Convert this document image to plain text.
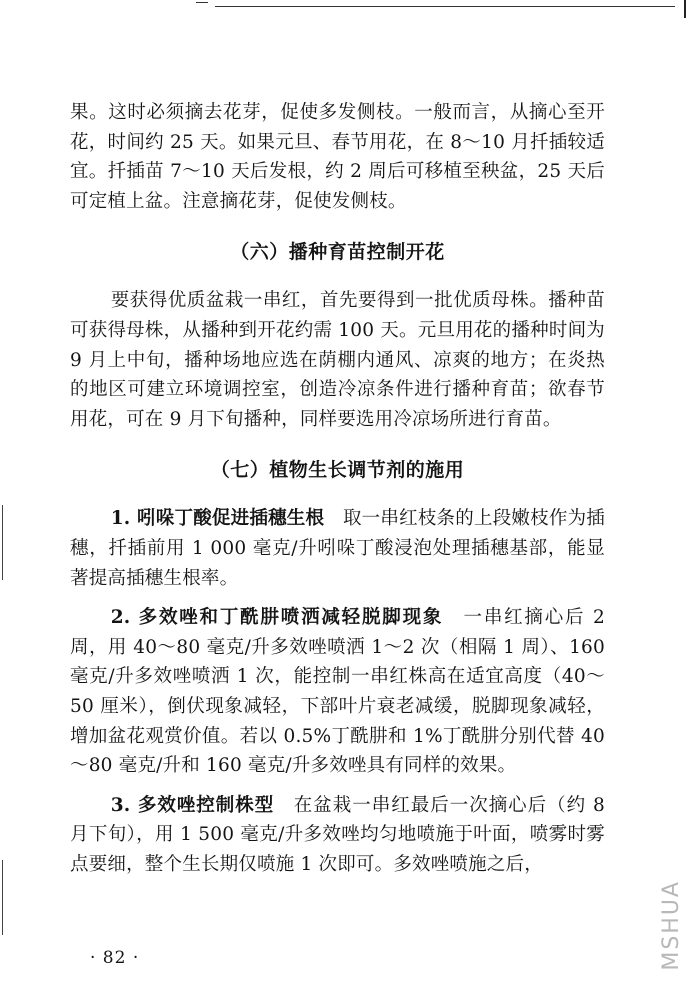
果。这时必须摘去花芽，促使多发侧枝。一般而言，从摘心至开花，时间约 25 天。如果元旦、春节用花，在 8～10 月扦插较适宜。扦插苗 7～10 天后发根，约 2 周后可移植至秧盆，25 天后可定植上盆。注意摘花芽，促使发侧枝。

（六）播种育苗控制开花

要获得优质盆栽一串红，首先要得到一批优质母株。播种苗可获得母株，从播种到开花约需 100 天。元旦用花的播种时间为 9 月上中旬，播种场地应选在荫棚内通风、凉爽的地方；在炎热的地区可建立环境调控室，创造冷凉条件进行播种育苗；欲春节用花，可在 9 月下旬播种，同样要选用冷凉场所进行育苗。

（七）植物生长调节剂的施用

1. 吲哚丁酸促进插穗生根　 取一串红枝条的上段嫩枝作为插穗，扦插前用 1 000 毫克/升吲哚丁酸浸泡处理插穗基部，能显著提高插穗生根率。

2. 多效唑和丁酰肼喷洒减轻脱脚现象　 一串红摘心后 2 周，用 40～80 毫克/升多效唑喷洒 1～2 次（相隔 1 周）、160 毫克/升多效唑喷洒 1 次，能控制一串红株高在适宜高度（40～50 厘米），倒伏现象减轻，下部叶片衰老减缓，脱脚现象减轻，增加盆花观赏价值。若以 0.5%丁酰肼和 1%丁酰肼分别代替 40～80 毫克/升和 160 毫克/升多效唑具有同样的效果。

3. 多效唑控制株型　 在盆栽一串红最后一次摘心后（约 8 月下旬），用 1 500 毫克/升多效唑均匀地喷施于叶面，喷雾时雾点要细，整个生长期仅喷施 1 次即可。多效唑喷施之后，

· 82 ·	MSHUA
